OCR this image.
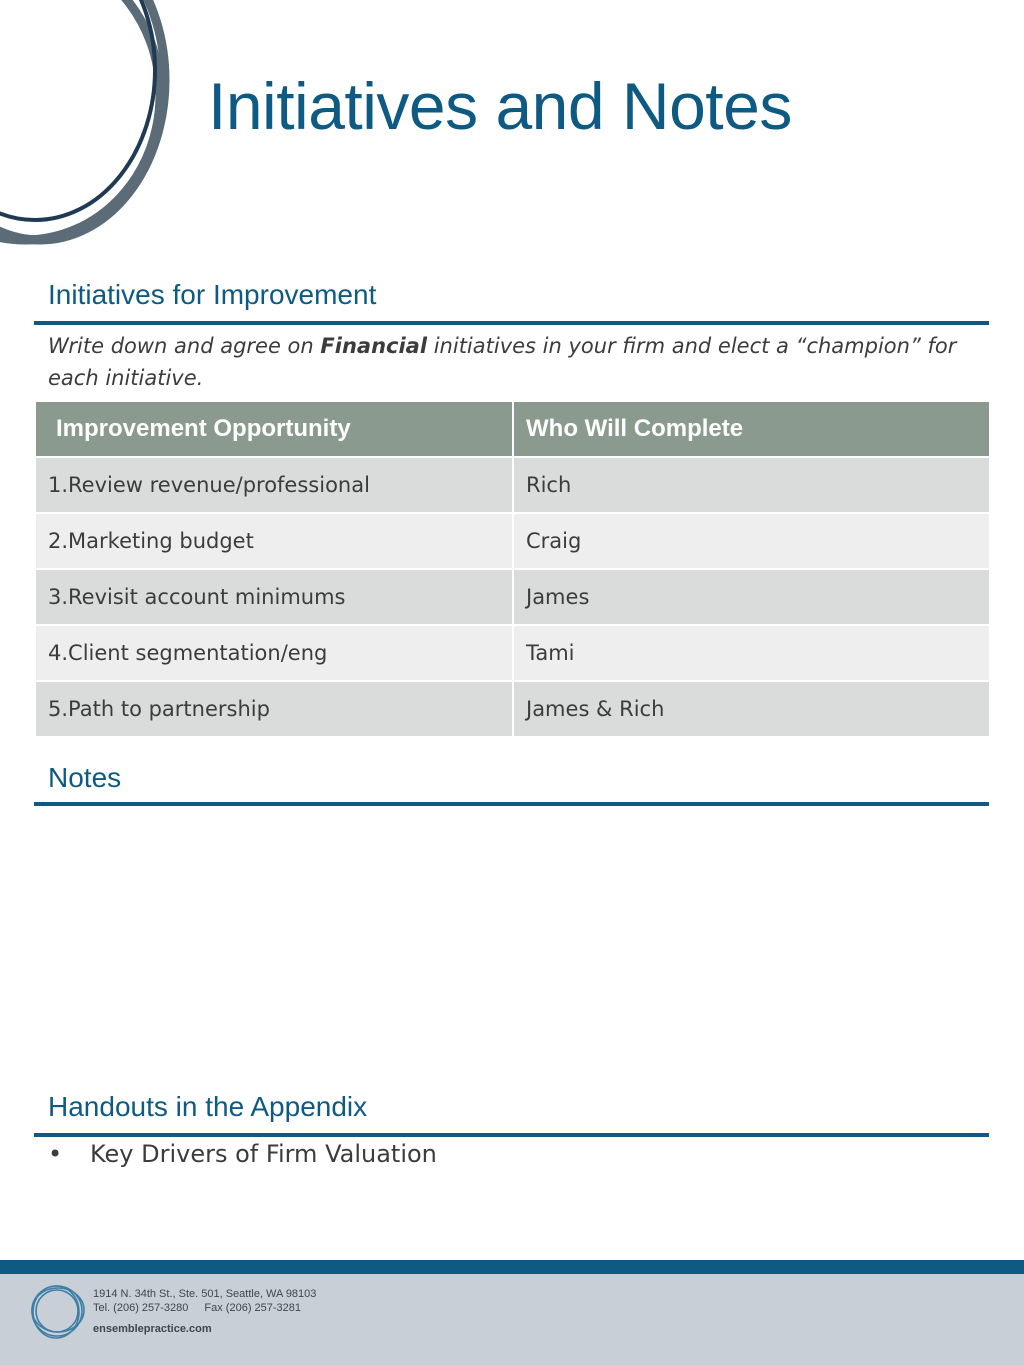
Initiatives and Notes
Initiatives for Improvement
Write down and agree on Financial initiatives in your firm and elect a “champion” for each initiative.
Improvement Opportunity	Who Will Complete
1.Review revenue/professional	Rich
2.Marketing budget	Craig
3.Revisit account minimums	James
4.Client segmentation/eng	Tami
5.Path to partnership	James & Rich
Notes
Handouts in the Appendix
• Key Drivers of Firm Valuation
1914 N. 34th St., Ste. 501, Seattle, WA 98103
Tel. (206) 257-3280 Fax (206) 257-3281
ensemblepractice.com
